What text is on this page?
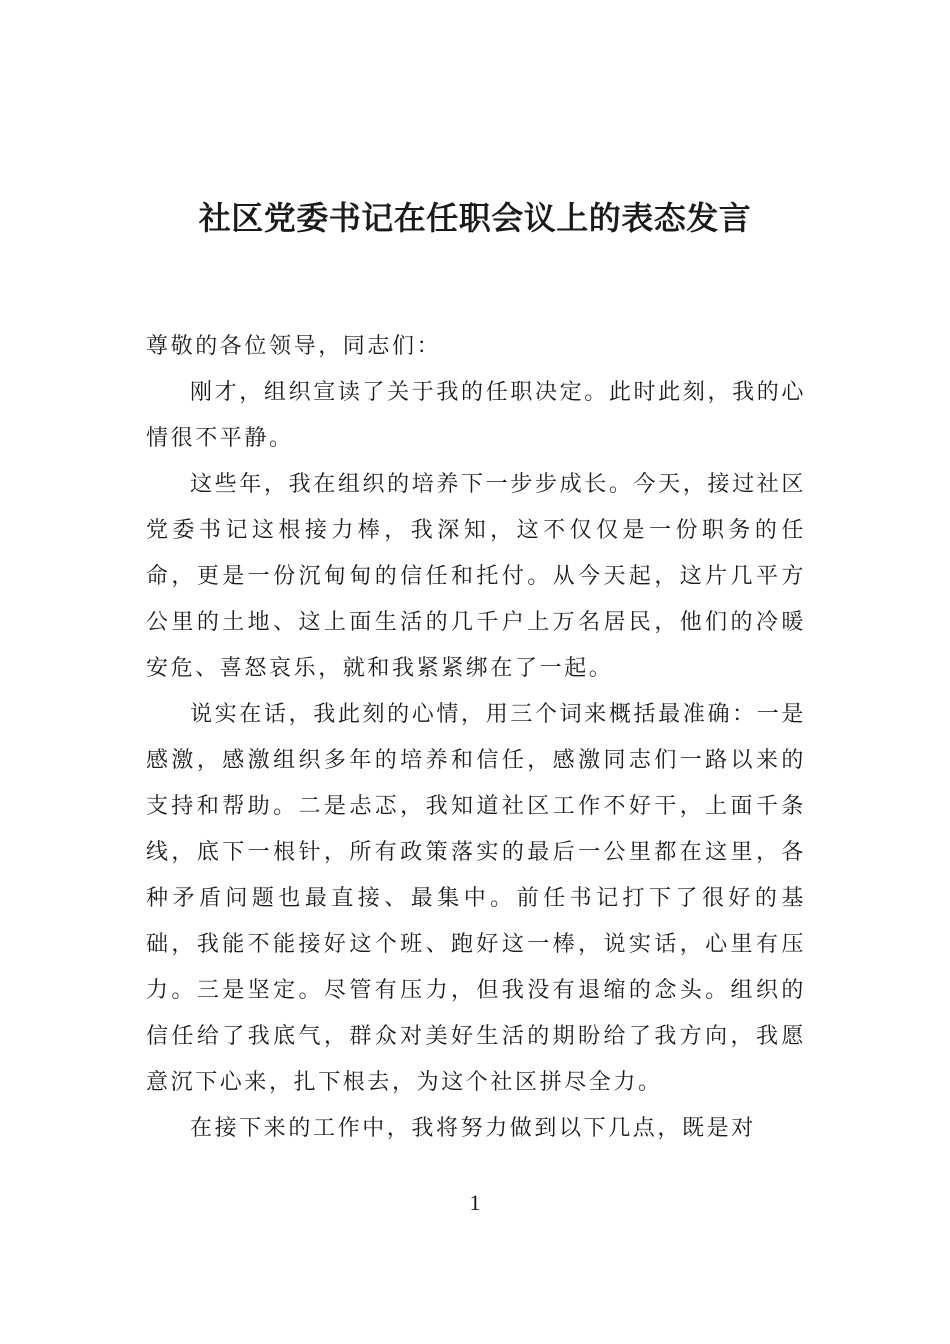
社区党委书记在任职会议上的表态发言

尊敬的各位领导，同志们：

刚才，组织宣读了关于我的任职决定。此时此刻，我的心情很不平静。

这些年，我在组织的培养下一步步成长。今天，接过社区党委书记这根接力棒，我深知，这不仅仅是一份职务的任命，更是一份沉甸甸的信任和托付。从今天起，这片几平方公里的土地、这上面生活的几千户上万名居民，他们的冷暖安危、喜怒哀乐，就和我紧紧绑在了一起。

说实在话，我此刻的心情，用三个词来概括最准确：一是感激，感激组织多年的培养和信任，感激同志们一路以来的支持和帮助。二是忐忑，我知道社区工作不好干，上面千条线，底下一根针，所有政策落实的最后一公里都在这里，各种矛盾问题也最直接、最集中。前任书记打下了很好的基础，我能不能接好这个班、跑好这一棒，说实话，心里有压力。三是坚定。尽管有压力，但我没有退缩的念头。组织的信任给了我底气，群众对美好生活的期盼给了我方向，我愿意沉下心来，扎下根去，为这个社区拼尽全力。

在接下来的工作中，我将努力做到以下几点，既是对

1
